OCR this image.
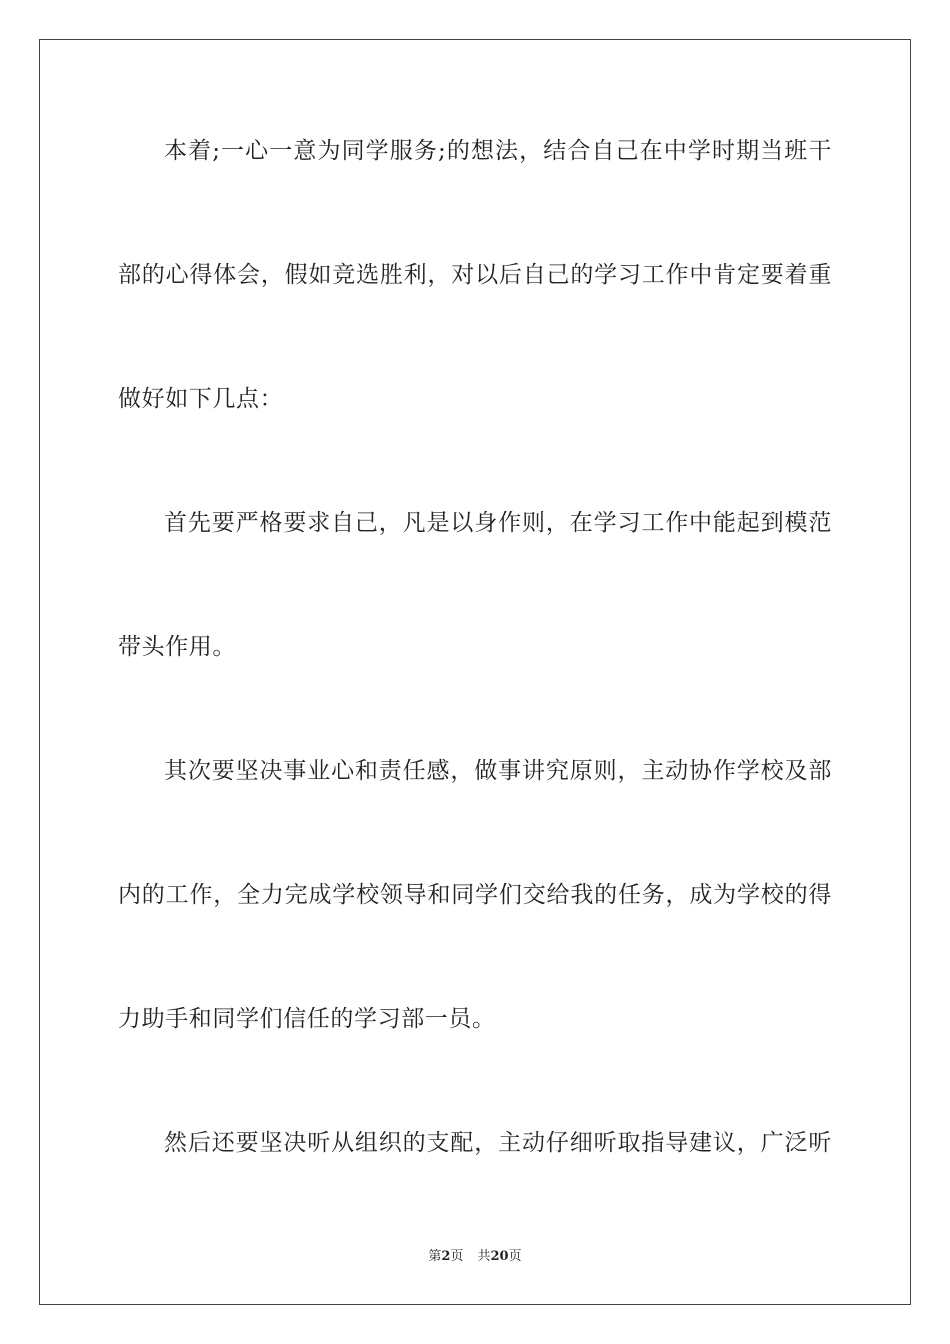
本着;一心一意为同学服务;的想法，结合自己在中学时期当班干
部的心得体会，假如竞选胜利，对以后自己的学习工作中肯定要着重
做好如下几点：
首先要严格要求自己，凡是以身作则，在学习工作中能起到模范
带头作用。
其次要坚决事业心和责任感，做事讲究原则，主动协作学校及部
内的工作，全力完成学校领导和同学们交给我的任务，成为学校的得
力助手和同学们信任的学习部一员。
然后还要坚决听从组织的支配，主动仔细听取指导建议，广泛听
第2页 共20页
